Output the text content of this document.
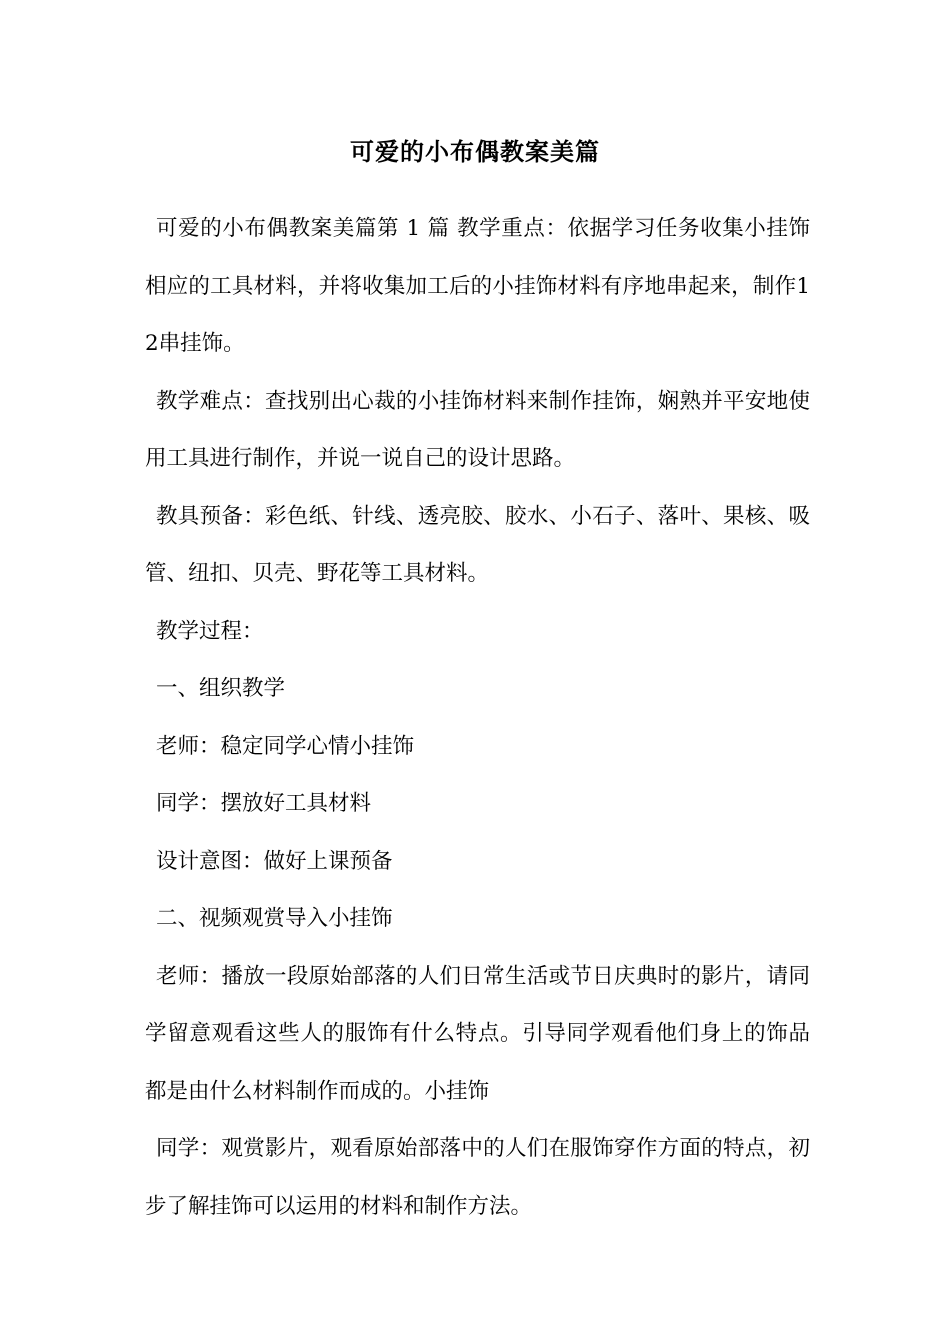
可爱的小布偶教案美篇

可爱的小布偶教案美篇第 1 篇 教学重点：依据学习任务收集小挂饰相应的工具材料，并将收集加工后的小挂饰材料有序地串起来，制作12串挂饰。

教学难点：查找别出心裁的小挂饰材料来制作挂饰，娴熟并平安地使用工具进行制作，并说一说自己的设计思路。

教具预备：彩色纸、针线、透亮胶、胶水、小石子、落叶、果核、吸管、纽扣、贝壳、野花等工具材料。

教学过程：

一、组织教学

老师：稳定同学心情小挂饰

同学：摆放好工具材料

设计意图：做好上课预备

二、视频观赏导入小挂饰

老师：播放一段原始部落的人们日常生活或节日庆典时的影片，请同学留意观看这些人的服饰有什么特点。引导同学观看他们身上的饰品都是由什么材料制作而成的。小挂饰

同学：观赏影片，观看原始部落中的人们在服饰穿作方面的特点，初步了解挂饰可以运用的材料和制作方法。
